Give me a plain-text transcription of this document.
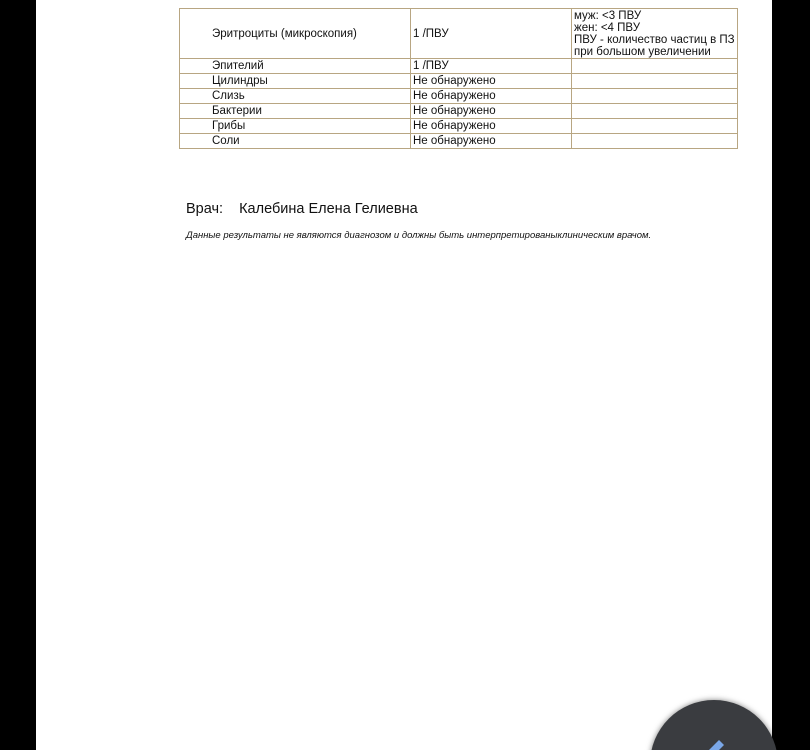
Эритроциты (микроскопия)	1 /ПВУ	муж: <3 ПВУ
жен: <4 ПВУ
ПВУ - количество частиц в ПЗ
при большом увеличении

Эпителий	1 /ПВУ	
Цилиндры	Не обнаружено	
Слизь	Не обнаружено	
Бактерии	Не обнаружено	
Грибы	Не обнаружено	
Соли	Не обнаружено	
Врач: Калебина Елена Гелиевна
Данные результаты не являются диагнозом и должны быть интерпретированыклиническим врачом.
